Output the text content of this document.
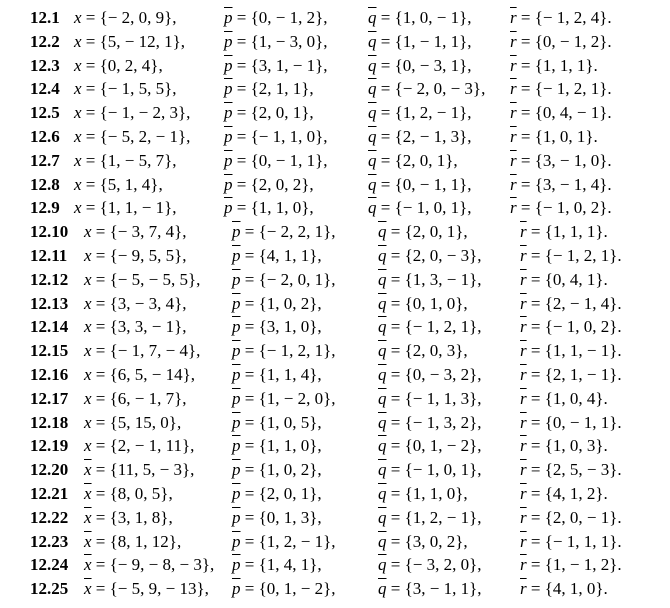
12.1 x = {− 2, 0, 9},	$\overline{p} = \{0$, − 1, 2}, $\overline{q} = \{1$, 0, − 1}, $\overline{r}$ = {− 1, 2, 4}.
12.2 x = {5, − 12, 1}, $\overline{p} = \{1$, − 3, 0}, $\overline{q} = \{1$, − 1, 1}, $\overline{r} = \{0$, − 1, 2}.
12.3 x = {0, 2, 4},	$\overline{p} = \{3$, 1, − 1}, $\overline{q} = \{0$, − 3, 1}, $\overline{r} = \{1$, 1, 1}.
12.4 x = {− 1, 5, 5},	$\overline{p} = \{2$, 1, 1},	$\overline{q}$ = {− 2, 0, − 3}, $\overline{r}$ = {− 1, 2, 1}.
12.5 x = {− 1, − 2, 3}, $\overline{p} = \{2$, 0, 1},	$\overline{q} = \{1$, 2, − 1}, $\overline{r} = \{0$, 4, − 1}.
12.6 x = {− 5, 2, − 1}, $\overline{p}$ = {− 1, 1, 0}, $\overline{q} = \{2$, − 1, 3}, $\overline{r} = \{1$, 0, 1}.
12.7 x = {1, − 5, 7},	$\overline{p} = \{0$, − 1, 1}, $\overline{q} = \{2$, 0, 1},	$\overline{r} = \{3$, − 1, 0}.
12.8 x = {5, 1, 4},	$\overline{p} = \{2$, 0, 2},	$\overline{q} = \{0$, − 1, 1}, $\overline{r} = \{3$, − 1, 4}.
12.9 x = {1, 1, − 1},	$\overline{p} = \{1$, 1, 0},	$\overline{q}$ = {− 1, 0, 1}, $\overline{r}$ = {− 1, 0, 2}.
12.10 x = {− 3, 7, 4},	$\overline{p}$ = {− 2, 2, 1}, $\overline{q} = \{2$, 0, 1},	$\overline{r} = \{1$, 1, 1}.
12.11 x = {− 9, 5, 5},	$\overline{p} = \{4$, 1, 1},	$\overline{q} = \{2$, 0, − 3}, $\overline{r}$ = {− 1, 2, 1}.
12.12 x = {− 5, − 5, 5}, $\overline{p}$ = {− 2, 0, 1}, $\overline{q} = \{1$, 3, − 1}, $\overline{r} = \{0$, 4, 1}.
12.13 x = {3, − 3, 4},	$\overline{p} = \{1$, 0, 2},	$\overline{q} = \{0$, 1, 0},	$\overline{r} = \{2$, − 1, 4}.
12.14 x = {3, 3, − 1},	$\overline{p} = \{3$, 1, 0},	$\overline{q}$ = {− 1, 2, 1}, $\overline{r}$ = {− 1, 0, 2}.
12.15 x = {− 1, 7, − 4}, $\overline{p}$ = {− 1, 2, 1}, $\overline{q} = \{2$, 0, 3},	$\overline{r} = \{1$, 1, − 1}.
12.16 x = {6, 5, − 14}, $\overline{p} = \{1$, 1, 4},	$\overline{q} = \{0$, − 3, 2}, $\overline{r} = \{2$, 1, − 1}.
12.17 x = {6, − 1, 7},	$\overline{p} = \{1$, − 2, 0}, $\overline{q}$ = {− 1, 1, 3}, $\overline{r} = \{1$, 0, 4}.
12.18 x = {5, 15, 0},	$\overline{p} = \{1$, 0, 5},	$\overline{q}$ = {− 1, 3, 2}, $\overline{r} = \{0$, − 1, 1}.
12.19 x = {2, − 1, 11}, $\overline{p} = \{1$, 1, 0},	$\overline{q} = \{0$, 1, − 2}, $\overline{r} = \{1$, 0, 3}.
12.20 $\overline{x} = \{11$, 5, − 3}, $\overline{p} = \{1$, 0, 2},	$\overline{q}$ = {− 1, 0, 1}, $\overline{r} = \{2$, 5, − 3}.
12.21 $\overline{x} = \{8$, 0, 5},	$\overline{p} = \{2$, 0, 1},	$\overline{q} = \{1$, 1, 0},	$\overline{r} = \{4$, 1, 2}.
12.22 $\overline{x} = \{3$, 1, 8},	$\overline{p} = \{0$, 1, 3},	$\overline{q} = \{1$, 2, − 1}, $\overline{r} = \{2$, 0, − 1}.
12.23 $\overline{x} = \{8$, 1, 12},	$\overline{p} = \{1$, 2, − 1}, $\overline{q} = \{3$, 0, 2},	$\overline{r}$ = {− 1, 1, 1}.
12.24 $\overline{x}$ = {− 9, − 8, − 3}, $\overline{p} = \{1$, 4, 1},	$\overline{q}$ = {− 3, 2, 0}, $\overline{r} = \{1$, − 1, 2}.
12.25 $\overline{x}$ = {− 5, 9, − 13}, $\overline{p} = \{0$, 1, − 2}, $\overline{q} = \{3$, − 1, 1}, $\overline{r} = \{4$, 1, 0}.
